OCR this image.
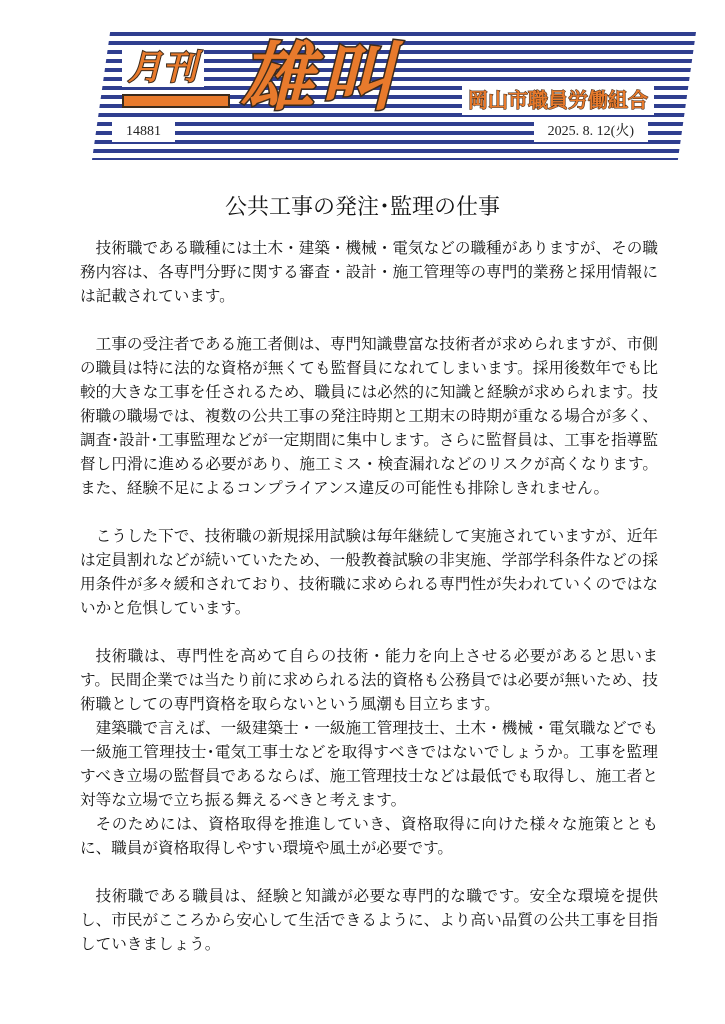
月刊 雄叫	岡山市職員労働組合
14881	2025. 8. 12(火)
公共工事の発注･監理の仕事

技術職である職種には土木・建築・機械・電気などの職種がありますが、その職務内容は、各専門分野に関する審査・設計・施工管理等の専門的業務と採用情報には記載されています。

工事の受注者である施工者側は、専門知識豊富な技術者が求められますが、市側の職員は特に法的な資格が無くても監督員になれてしまいます。採用後数年でも比較的大きな工事を任されるため、職員には必然的に知識と経験が求められます。技術職の職場では、複数の公共工事の発注時期と工期末の時期が重なる場合が多く、調査･設計･工事監理などが一定期間に集中します。さらに監督員は、工事を指導監督し円滑に進める必要があり、施工ミス・検査漏れなどのリスクが高くなります。また、経験不足によるコンプライアンス違反の可能性も排除しきれません。

こうした下で、技術職の新規採用試験は毎年継続して実施されていますが、近年は定員割れなどが続いていたため、一般教養試験の非実施、学部学科条件などの採用条件が多々緩和されており、技術職に求められる専門性が失われていくのではないかと危惧しています。

技術職は、専門性を高めて自らの技術・能力を向上させる必要があると思います。民間企業では当たり前に求められる法的資格も公務員では必要が無いため、技術職としての専門資格を取らないという風潮も目立ちます。

建築職で言えば、一級建築士・一級施工管理技士、土木・機械・電気職などでも一級施工管理技士･電気工事士などを取得すべきではないでしょうか。工事を監理すべき立場の監督員であるならば、施工管理技士などは最低でも取得し、施工者と対等な立場で立ち振る舞えるべきと考えます。

そのためには、資格取得を推進していき、資格取得に向けた様々な施策とともに、職員が資格取得しやすい環境や風土が必要です。

技術職である職員は、経験と知識が必要な専門的な職です。安全な環境を提供し、市民がこころから安心して生活できるように、より高い品質の公共工事を目指していきましょう。
